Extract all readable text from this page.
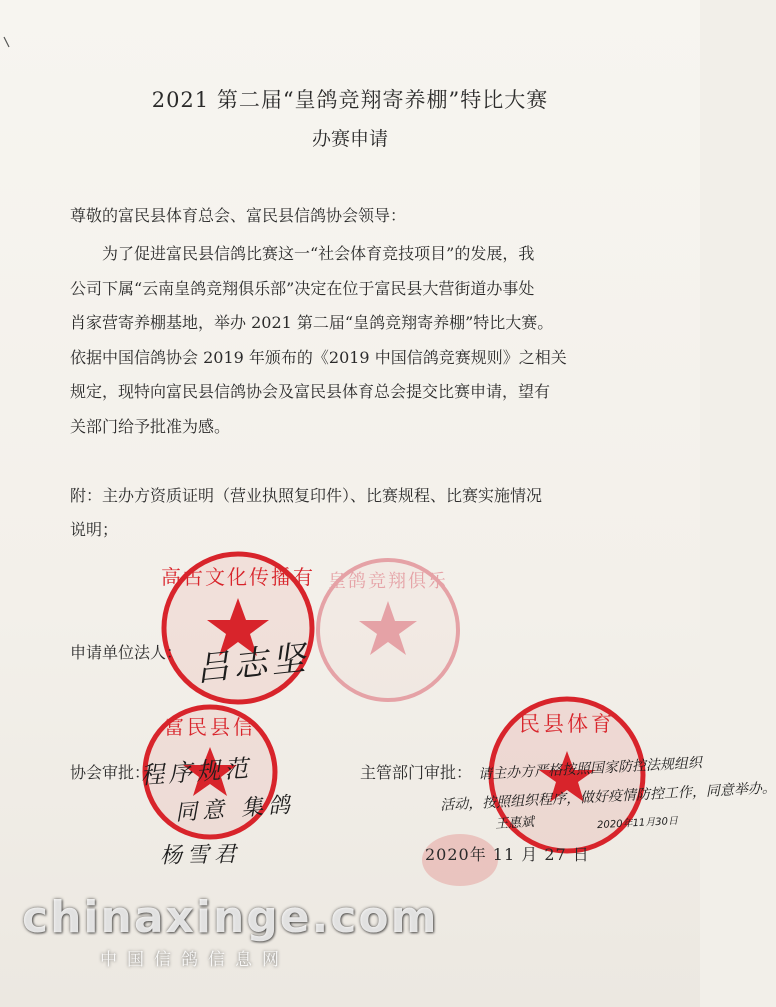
2021 第二届“皇鸽竞翔寄养棚”特比大赛
办赛申请
尊敬的富民县体育总会、富民县信鸽协会领导：

为了促进富民县信鸽比赛这一“社会体育竞技项目”的发展，我

公司下属“云南皇鸽竞翔俱乐部”决定在位于富民县大营街道办事处

肖家营寄养棚基地，举办 2021 第二届“皇鸽竞翔寄养棚”特比大赛。

依据中国信鸽协会 2019 年颁布的《2019 中国信鸽竞赛规则》之相关

规定，现特向富民县信鸽协会及富民县体育总会提交比赛申请，望有

关部门给予批准为感。

附：主办方资质证明（营业执照复印件）、比赛规程、比赛实施情况
说明；
高古文化传播有 皇鸽竞翔俱乐
富民县信	民县体育
申请单位法人：
协会审批：	主管部门审批：
2020年 11 月 27 日
吕志坚
程序规范
同意 集鸽
杨雪君
请主办方严格按照国家防控法规组织
活动，按照组织程序，做好疫情防控工作，同意举办。
王惠斌	2020年11月30日
chinaxinge.com
中国信鸽信息网
